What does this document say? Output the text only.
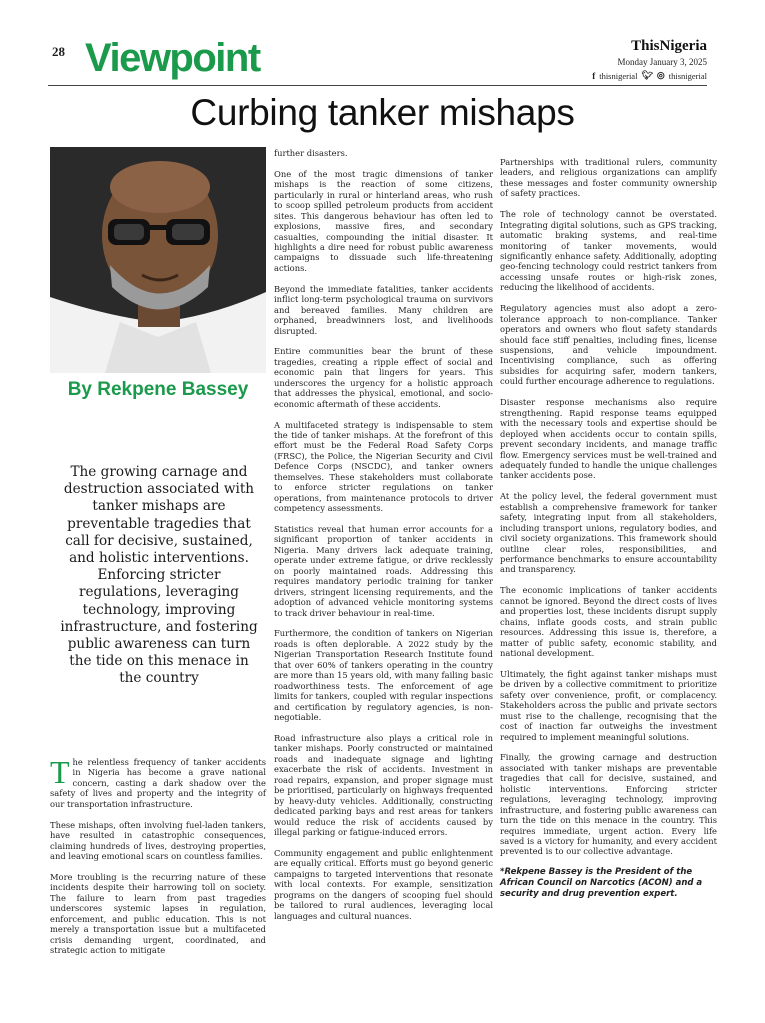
28 Viewpoint	ThisNigeria
Monday January 3, 2025
f thisnigerial 🐦︎ ◎ thisnigerial
Curbing tanker mishaps
By Rekpene Bassey
The growing carnage and destruction associated with tanker mishaps are preventable tragedies that call for decisive, sustained, and holistic interventions. Enforcing stricter regulations, leveraging technology, improving infrastructure, and fostering public awareness can turn the tide on this menace in the country

The relentless frequency of tanker accidents in Nigeria has become a grave national concern, casting a dark shadow over the safety of lives and property and the integrity of our transportation infrastructure.

These mishaps, often involving fuel-laden tankers, have resulted in catastrophic consequences, claiming hundreds of lives, destroying properties, and leaving emotional scars on countless families.

More troubling is the recurring nature of these incidents despite their harrowing toll on society. The failure to learn from past tragedies underscores systemic lapses in regulation, enforcement, and public education. This is not merely a transportation issue but a multifaceted crisis demanding urgent, coordinated, and strategic action to mitigate

further disasters.

One of the most tragic dimensions of tanker mishaps is the reaction of some citizens, particularly in rural or hinterland areas, who rush to scoop spilled petroleum products from accident sites. This dangerous behaviour has often led to explosions, massive fires, and secondary casualties, compounding the initial disaster. It highlights a dire need for robust public awareness campaigns to dissuade such life-threatening actions.

Beyond the immediate fatalities, tanker accidents inflict long-term psychological trauma on survivors and bereaved families. Many children are orphaned, breadwinners lost, and livelihoods disrupted.

Entire communities bear the brunt of these tragedies, creating a ripple effect of social and economic pain that lingers for years. This underscores the urgency for a holistic approach that addresses the physical, emotional, and socio-economic aftermath of these accidents.

A multifaceted strategy is indispensable to stem the tide of tanker mishaps. At the forefront of this effort must be the Federal Road Safety Corps (FRSC), the Police, the Nigerian Security and Civil Defence Corps (NSCDC), and tanker owners themselves. These stakeholders must collaborate to enforce stricter regulations on tanker operations, from maintenance protocols to driver competency assessments.

Statistics reveal that human error accounts for a significant proportion of tanker accidents in Nigeria. Many drivers lack adequate training, operate under extreme fatigue, or drive recklessly on poorly maintained roads. Addressing this requires mandatory periodic training for tanker drivers, stringent licensing requirements, and the adoption of advanced vehicle monitoring systems to track driver behaviour in real-time.

Furthermore, the condition of tankers on Nigerian roads is often deplorable. A 2022 study by the Nigerian Transportation Research Institute found that over 60% of tankers operating in the country are more than 15 years old, with many failing basic roadworthiness tests. The enforcement of age limits for tankers, coupled with regular inspections and certification by regulatory agencies, is non-negotiable.

Road infrastructure also plays a critical role in tanker mishaps. Poorly constructed or maintained roads and inadequate signage and lighting exacerbate the risk of accidents. Investment in road repairs, expansion, and proper signage must be prioritised, particularly on highways frequented by heavy-duty vehicles. Additionally, constructing dedicated parking bays and rest areas for tankers would reduce the risk of accidents caused by illegal parking or fatigue-induced errors.

Community engagement and public enlightenment are equally critical. Efforts must go beyond generic campaigns to targeted interventions that resonate with local contexts. For example, sensitization programs on the dangers of scooping fuel should be tailored to rural audiences, leveraging local languages and cultural nuances.

Partnerships with traditional rulers, community leaders, and religious organizations can amplify these messages and foster community ownership of safety practices.

The role of technology cannot be overstated. Integrating digital solutions, such as GPS tracking, automatic braking systems, and real-time monitoring of tanker movements, would significantly enhance safety. Additionally, adopting geo-fencing technology could restrict tankers from accessing unsafe routes or high-risk zones, reducing the likelihood of accidents.

Regulatory agencies must also adopt a zero-tolerance approach to non-compliance. Tanker operators and owners who flout safety standards should face stiff penalties, including fines, license suspensions, and vehicle impoundment. Incentivising compliance, such as offering subsidies for acquiring safer, modern tankers, could further encourage adherence to regulations.

Disaster response mechanisms also require strengthening. Rapid response teams equipped with the necessary tools and expertise should be deployed when accidents occur to contain spills, prevent secondary incidents, and manage traffic flow. Emergency services must be well-trained and adequately funded to handle the unique challenges tanker accidents pose.

At the policy level, the federal government must establish a comprehensive framework for tanker safety, integrating input from all stakeholders, including transport unions, regulatory bodies, and civil society organizations. This framework should outline clear roles, responsibilities, and performance benchmarks to ensure accountability and transparency.

The economic implications of tanker accidents cannot be ignored. Beyond the direct costs of lives and properties lost, these incidents disrupt supply chains, inflate goods costs, and strain public resources. Addressing this issue is, therefore, a matter of public safety, economic stability, and national development.

Ultimately, the fight against tanker mishaps must be driven by a collective commitment to prioritize safety over convenience, profit, or complacency. Stakeholders across the public and private sectors must rise to the challenge, recognising that the cost of inaction far outweighs the investment required to implement meaningful solutions.

Finally, the growing carnage and destruction associated with tanker mishaps are preventable tragedies that call for decisive, sustained, and holistic interventions. Enforcing stricter regulations, leveraging technology, improving infrastructure, and fostering public awareness can turn the tide on this menace in the country. This requires immediate, urgent action. Every life saved is a victory for humanity, and every accident prevented is to our collective advantage.

*Rekpene Bassey is the President of the African Council on Narcotics (ACON) and a security and drug prevention expert.
